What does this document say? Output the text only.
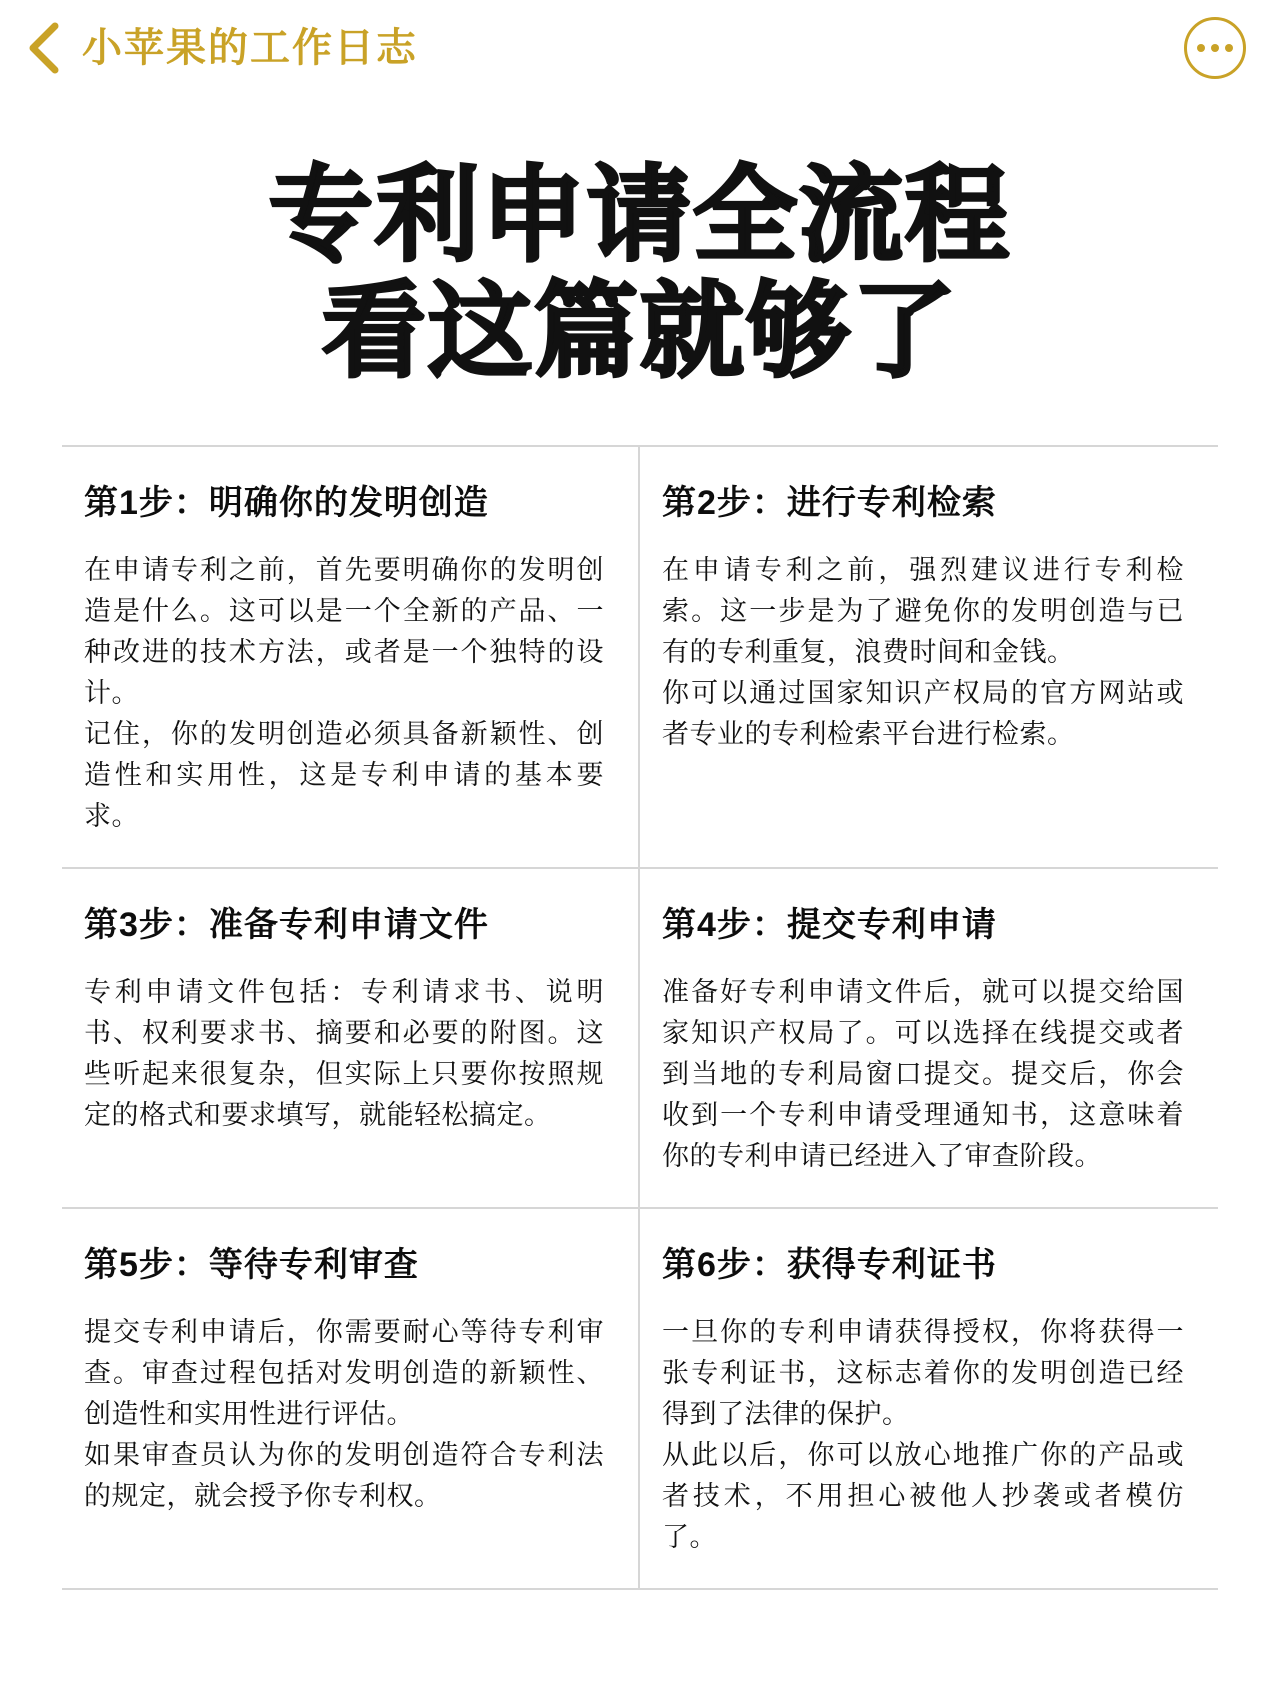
小苹果的工作日志
专利申请全流程
看这篇就够了
第1步：明确你的发明创造

在申请专利之前，首先要明确你的发明创造是什么。这可以是一个全新的产品、一种改进的技术方法，或者是一个独特的设计。

记住，你的发明创造必须具备新颖性、创造性和实用性，这是专利申请的基本要求。

第2步：进行专利检索

在申请专利之前，强烈建议进行专利检索。这一步是为了避免你的发明创造与已有的专利重复，浪费时间和金钱。

你可以通过国家知识产权局的官方网站或者专业的专利检索平台进行检索。

第3步：准备专利申请文件

专利申请文件包括：专利请求书、说明书、权利要求书、摘要和必要的附图。这些听起来很复杂，但实际上只要你按照规定的格式和要求填写，就能轻松搞定。

第4步：提交专利申请

准备好专利申请文件后，就可以提交给国家知识产权局了。可以选择在线提交或者到当地的专利局窗口提交。提交后，你会收到一个专利申请受理通知书，这意味着你的专利申请已经进入了审查阶段。

第5步：等待专利审查

提交专利申请后，你需要耐心等待专利审查。审查过程包括对发明创造的新颖性、创造性和实用性进行评估。

如果审查员认为你的发明创造符合专利法的规定，就会授予你专利权。

第6步：获得专利证书

一旦你的专利申请获得授权，你将获得一张专利证书，这标志着你的发明创造已经得到了法律的保护。

从此以后，你可以放心地推广你的产品或者技术，不用担心被他人抄袭或者模仿了。
